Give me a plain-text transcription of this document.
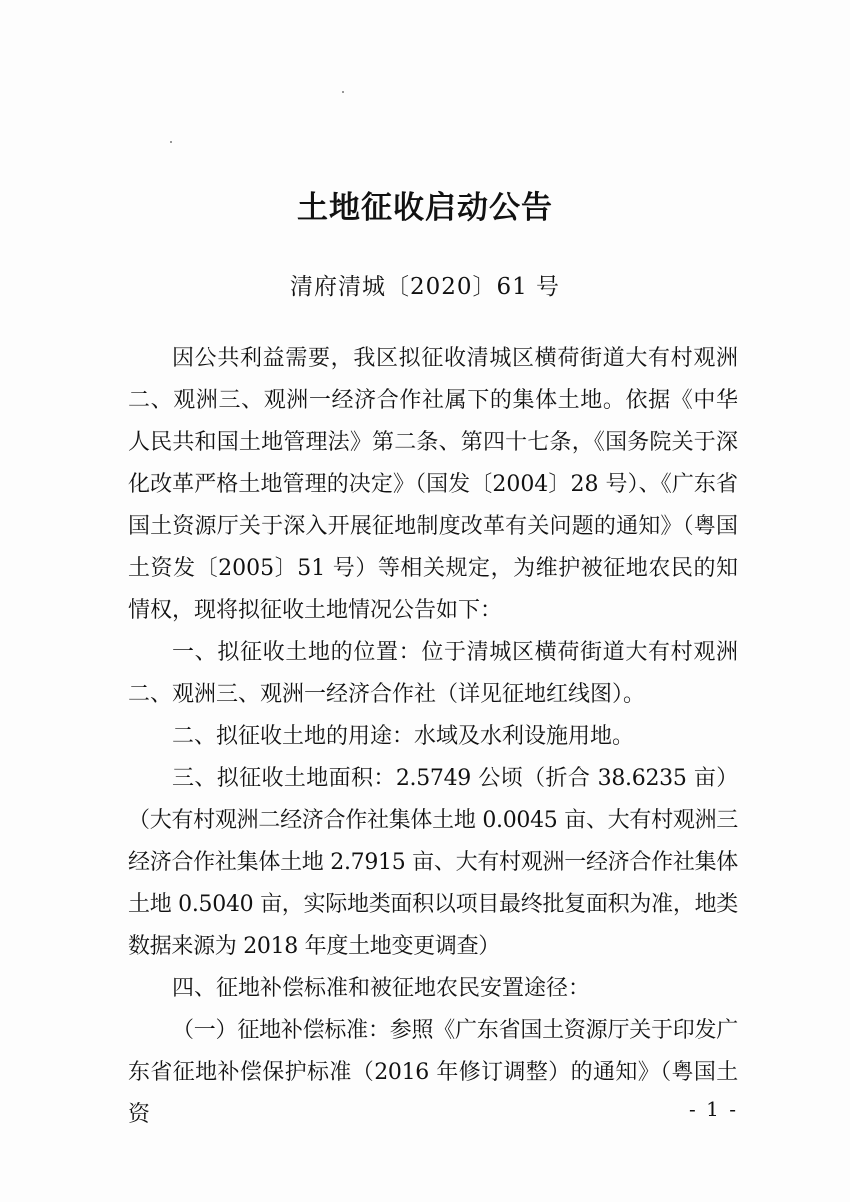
土地征收启动公告
清府清城〔2020〕61 号

因公共利益需要，我区拟征收清城区横荷街道大有村观洲二、观洲三、观洲一经济合作社属下的集体土地。依据《中华人民共和国土地管理法》第二条、第四十七条，《国务院关于深化改革严格土地管理的决定》（国发〔2004〕28 号）、《广东省国土资源厅关于深入开展征地制度改革有关问题的通知》（粤国土资发〔2005〕51 号）等相关规定，为维护被征地农民的知情权，现将拟征收土地情况公告如下：

一、拟征收土地的位置：位于清城区横荷街道大有村观洲二、观洲三、观洲一经济合作社（详见征地红线图）。

二、拟征收土地的用途：水域及水利设施用地。

三、拟征收土地面积：2.5749 公顷（折合 38.6235 亩）（大有村观洲二经济合作社集体土地 0.0045 亩、大有村观洲三经济合作社集体土地 2.7915 亩、大有村观洲一经济合作社集体土地 0.5040 亩，实际地类面积以项目最终批复面积为准，地类数据来源为 2018 年度土地变更调查）

四、征地补偿标准和被征地农民安置途径：

（一）征地补偿标准：参照《广东省国土资源厅关于印发广东省征地补偿保护标准（2016 年修订调整）的通知》（粤国土资	- 1 -
